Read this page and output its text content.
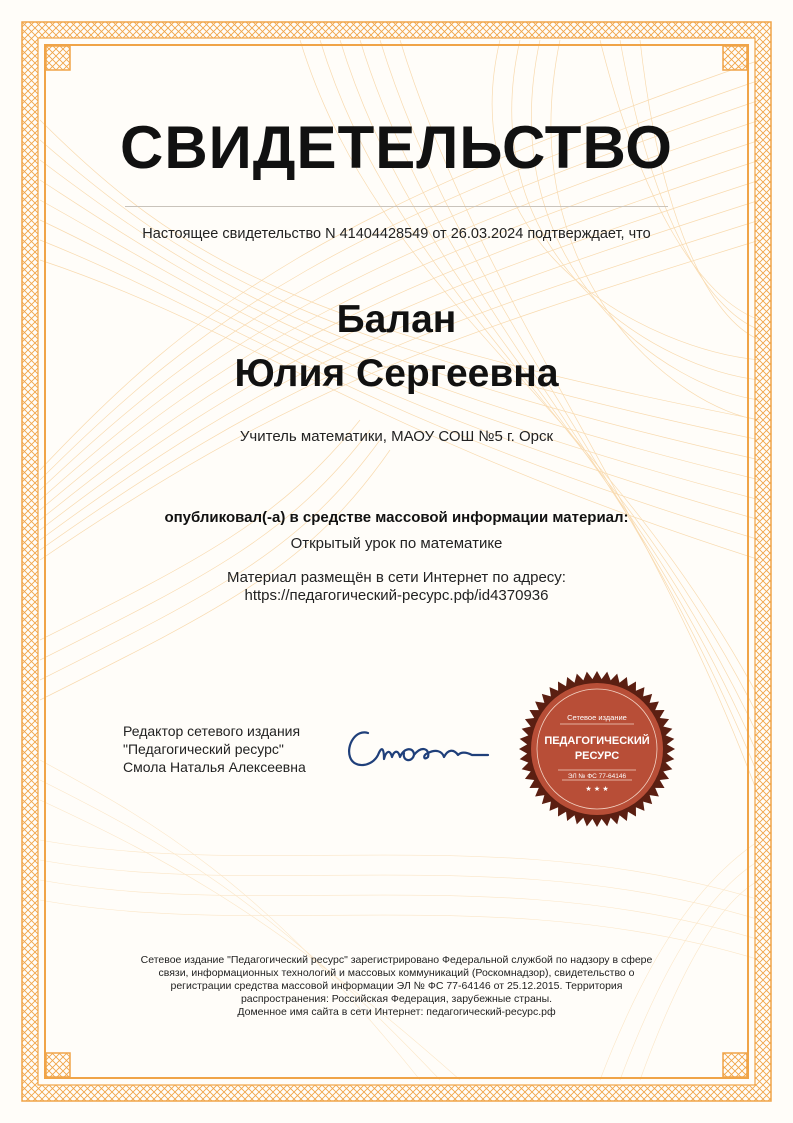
СВИДЕТЕЛЬСТВО
Настоящее свидетельство N 41404428549 от 26.03.2024 подтверждает, что
Балан
Юлия Сергеевна
Учитель математики, МАОУ СОШ №5 г. Орск
опубликовал(-а) в средстве массовой информации материал:
Открытый урок по математике
Материал размещён в сети Интернет по адресу:
https://педагогический-ресурс.рф/id4370936
Редактор сетевого издания
"Педагогический ресурс"
Смола Наталья Алексеевна
Сетевое издание
ПЕДАГОГИЧЕСКИЙ
РЕСУРС
ЭЛ № ФС 77-64146
★ ★ ★
Сетевое издание "Педагогический ресурс" зарегистрировано Федеральной службой по надзору в сфере
связи, информационных технологий и массовых коммуникаций (Роскомнадзор), свидетельство о
регистрации средства массовой информации ЭЛ № ФС 77-64146 от 25.12.2015. Территория
распространения: Российская Федерация, зарубежные страны.
Доменное имя сайта в сети Интернет: педагогический-ресурс.рф
